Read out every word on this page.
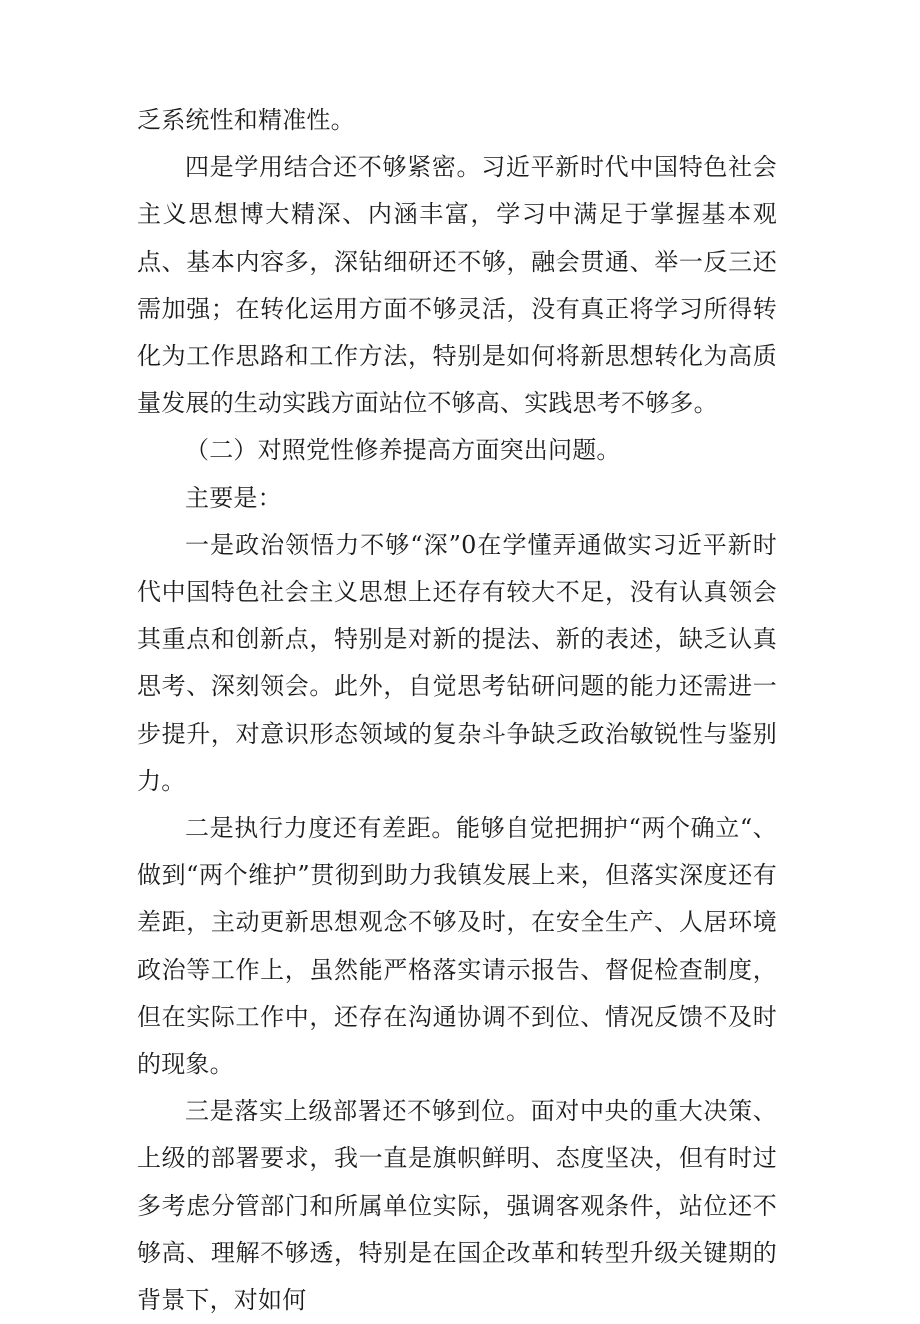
乏系统性和精准性。

四是学用结合还不够紧密。习近平新时代中国特色社会主义思想博大精深、内涵丰富，学习中满足于掌握基本观点、基本内容多，深钻细研还不够，融会贯通、举一反三还需加强；在转化运用方面不够灵活，没有真正将学习所得转化为工作思路和工作方法，特别是如何将新思想转化为高质量发展的生动实践方面站位不够高、实践思考不够多。

（二）对照党性修养提高方面突出问题。

主要是：

一是政治领悟力不够“深”0在学懂弄通做实习近平新时代中国特色社会主义思想上还存有较大不足，没有认真领会其重点和创新点，特别是对新的提法、新的表述，缺乏认真思考、深刻领会。此外，自觉思考钻研问题的能力还需进一步提升，对意识形态领域的复杂斗争缺乏政治敏锐性与鉴别力。

二是执行力度还有差距。能够自觉把拥护“两个确立“、做到“两个维护”贯彻到助力我镇发展上来，但落实深度还有差距，主动更新思想观念不够及时，在安全生产、人居环境政治等工作上，虽然能严格落实请示报告、督促检查制度，但在实际工作中，还存在沟通协调不到位、情况反馈不及时的现象。

三是落实上级部署还不够到位。面对中央的重大决策、上级的部署要求，我一直是旗帜鲜明、态度坚决，但有时过多考虑分管部门和所属单位实际，强调客观条件，站位还不够高、理解不够透，特别是在国企改革和转型升级关键期的背景下，对如何
